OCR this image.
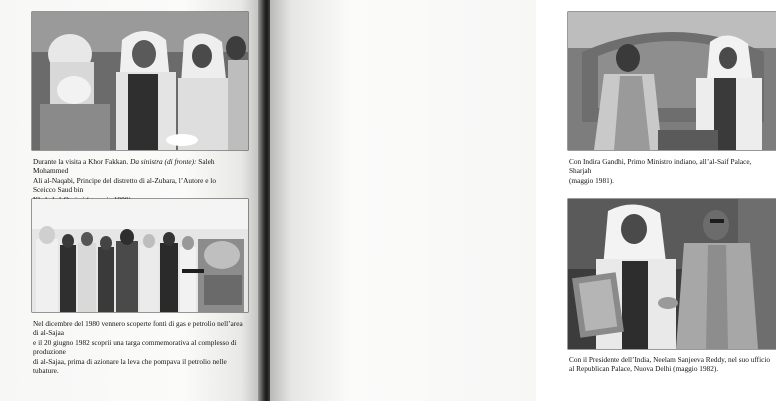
Durante la visita a Khor Fakkan. Da sinistra (di fronte): Saleh Mohammed
Ali al-Naqabi, Principe del distretto di al-Zubara, l’Autore e lo Sceicco Saud bin

Nel dicembre del 1980 vennero scoperte fonti di gas e petrolio nell’area di al-Sajaa
e il 20 giugno 1982 scoprii una targa commemorativa al complesso di produzione
di al-Sajaa, prima di azionare la leva che pompava il petrolio nelle tubature.

Con Indira Gandhi, Primo Ministro indiano, all’al-Saif Palace, Sharjah
(maggio 1981).

Con il Presidente dell’India, Neelam Sanjeeva Reddy, nel suo ufficio
al Republican Palace, Nuova Delhi (maggio 1982).
